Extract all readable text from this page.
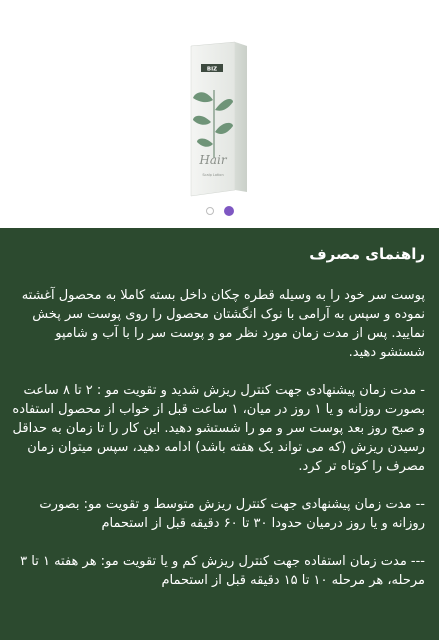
BIZ
Hair
Scalp Lotion
راهنمای مصرف

پوست سر خود را به وسیله قطره چکان داخل بسته کاملا به محصول آغشته نموده و سپس به آرامی با نوک انگشتان محصول را روی پوست سر پخش نمایید. پس از مدت زمان مورد نظر مو و پوست سر را با آب و شامپو شستشو دهید.

- مدت زمان پیشنهادی جهت کنترل ریزش شدید و تقویت مو : ۲ تا ۸ ساعت بصورت روزانه و یا ۱ روز در میان، ۱ ساعت قبل از خواب از محصول استفاده و صبح روز بعد پوست سر و مو را شستشو دهید. این کار را تا زمان به حداقل رسیدن ریزش (که می تواند یک هفته باشد) ادامه دهید، سپس میتوان زمان مصرف را کوتاه تر کرد.

-- مدت زمان پیشنهادی جهت کنترل ریزش متوسط و تقویت مو: بصورت روزانه و یا روز درمیان حدودا ۳۰ تا ۶۰ دقیقه قبل از استحمام

--- مدت زمان استفاده جهت کنترل ریزش کم و یا تقویت مو: هر هفته ۱ تا ۳ مرحله، هر مرحله ۱۰ تا ۱۵ دقیقه قبل از استحمام
